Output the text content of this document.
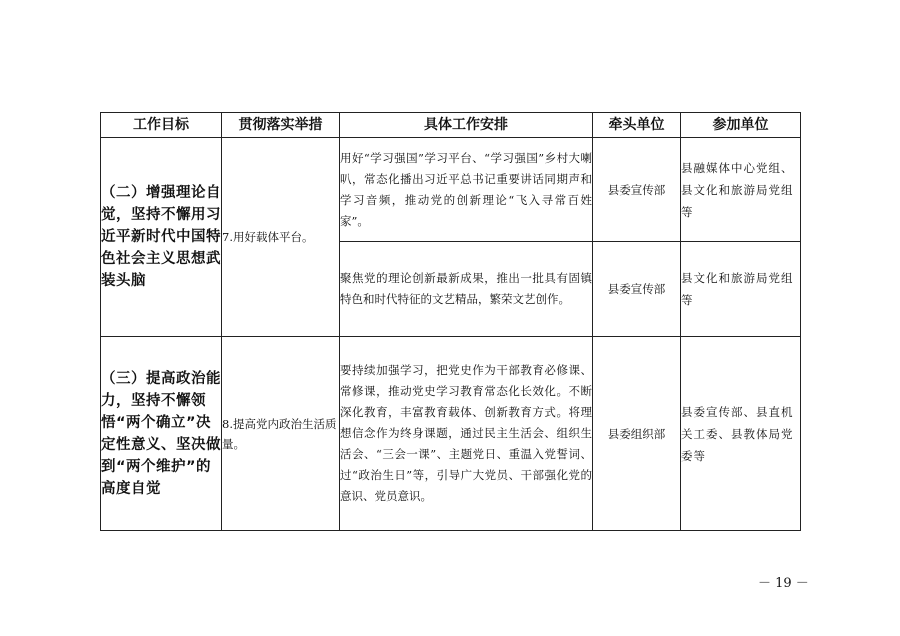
工作目标	贯彻落实举措	具体工作安排	牵头单位	参加单位
（二）增强理论自觉，坚持不懈用习近平新时代中国特色社会主义思想武装头脑	7.用好载体平台。	用好“学习强国”学习平台、“学习强国”乡村大喇叭，常态化播出习近平总书记重要讲话同期声和学习音频，推动党的创新理论“飞入寻常百姓家”。	县委宣传部	县融媒体中心党组、县文化和旅游局党组等
		聚焦党的理论创新最新成果，推出一批具有固镇特色和时代特征的文艺精品，繁荣文艺创作。	县委宣传部	县文化和旅游局党组等
（三）提高政治能力，坚持不懈领悟“两个确立”决定性意义、坚决做到“两个维护”的高度自觉	8.提高党内政治生活质量。	要持续加强学习，把党史作为干部教育必修课、常修课，推动党史学习教育常态化长效化。不断深化教育，丰富教育载体、创新教育方式。将理想信念作为终身课题，通过民主生活会、组织生活会、“三会一课”、主题党日、重温入党誓词、过“政治生日”等，引导广大党员、干部强化党的意识、党员意识。	县委组织部	县委宣传部、县直机关工委、县教体局党委等
－ 19 －
